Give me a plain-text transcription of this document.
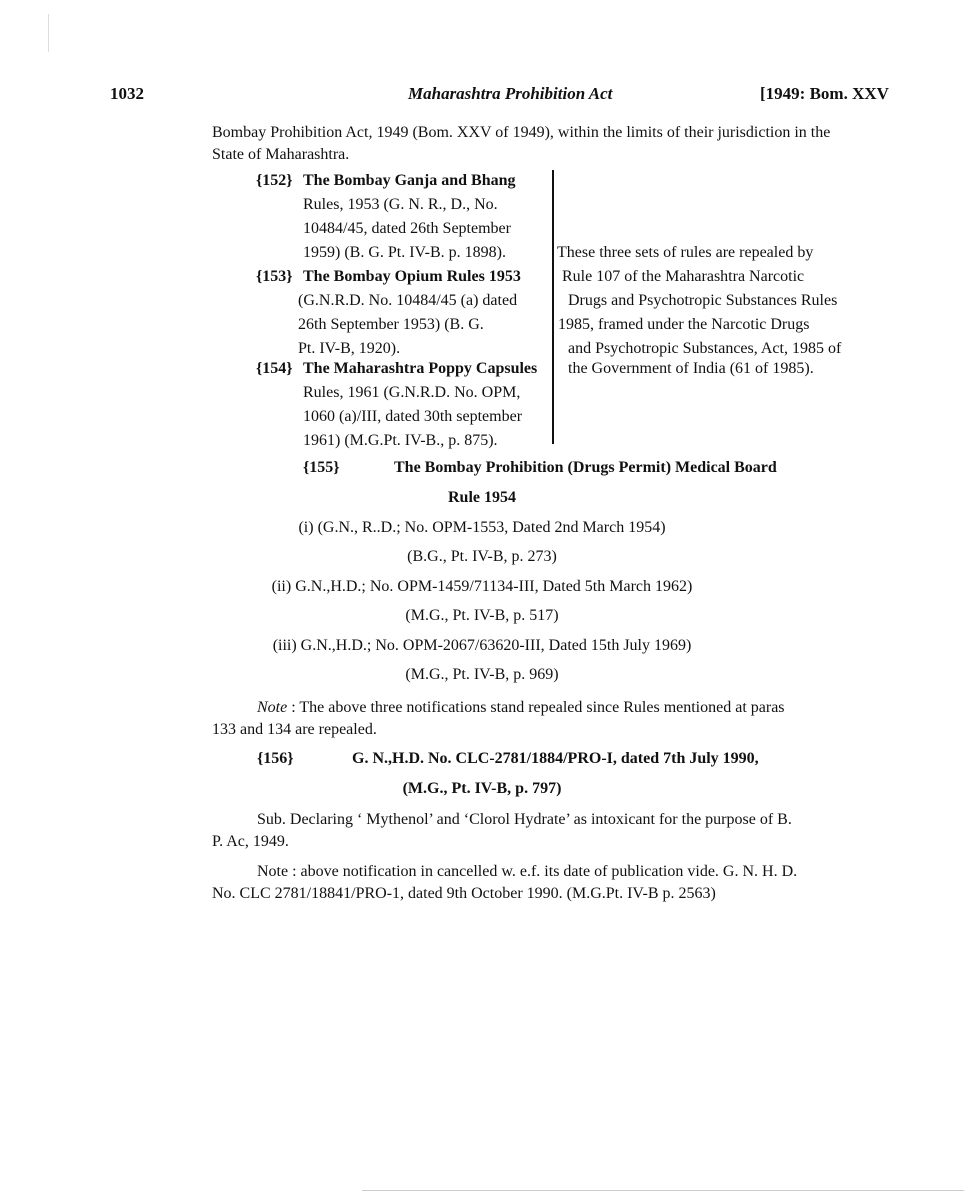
1032	Maharashtra Prohibition Act	[1949: Bom. XXV
Bombay Prohibition Act, 1949 (Bom. XXV of 1949), within the limits of their jurisdiction in the
State of Maharashtra.
{152} The Bombay Ganja and Bhang
Rules, 1953 (G. N. R., D., No.
10484/45, dated 26th September
1959) (B. G. Pt. IV-B. p. 1898).
{153} The Bombay Opium Rules 1953
(G.N.R.D. No. 10484/45 (a) dated
26th September 1953) (B. G.
Pt. IV-B, 1920).
{154} The Maharashtra Poppy Capsules
Rules, 1961 (G.N.R.D. No. OPM,
1060 (a)/III, dated 30th september
1961) (M.G.Pt. IV-B., p. 875).
These three sets of rules are repealed by
Rule 107 of the Maharashtra Narcotic
Drugs and Psychotropic Substances Rules
1985, framed under the Narcotic Drugs
and Psychotropic Substances, Act, 1985 of
the Government of India (61 of 1985).
{155}	The Bombay Prohibition (Drugs Permit) Medical Board
Rule 1954
(i) (G.N., R..D.; No. OPM-1553, Dated 2nd March 1954)
(B.G., Pt. IV-B, p. 273)
(ii) G.N.,H.D.; No. OPM-1459/71134-III, Dated 5th March 1962)
(M.G., Pt. IV-B, p. 517)
(iii) G.N.,H.D.; No. OPM-2067/63620-III, Dated 15th July 1969)
(M.G., Pt. IV-B, p. 969)
Note : The above three notifications stand repealed since Rules mentioned at paras
133 and 134 are repealed.
{156}	G. N.,H.D. No. CLC-2781/1884/PRO-I, dated 7th July 1990,
(M.G., Pt. IV-B, p. 797)
Sub. Declaring ‘ Mythenol’ and ‘Clorol Hydrate’ as intoxicant for the purpose of B.
P. Ac, 1949.
Note : above notification in cancelled w. e.f. its date of publication vide. G. N. H. D.
No. CLC 2781/18841/PRO-1, dated 9th October 1990. (M.G.Pt. IV-B p. 2563)
